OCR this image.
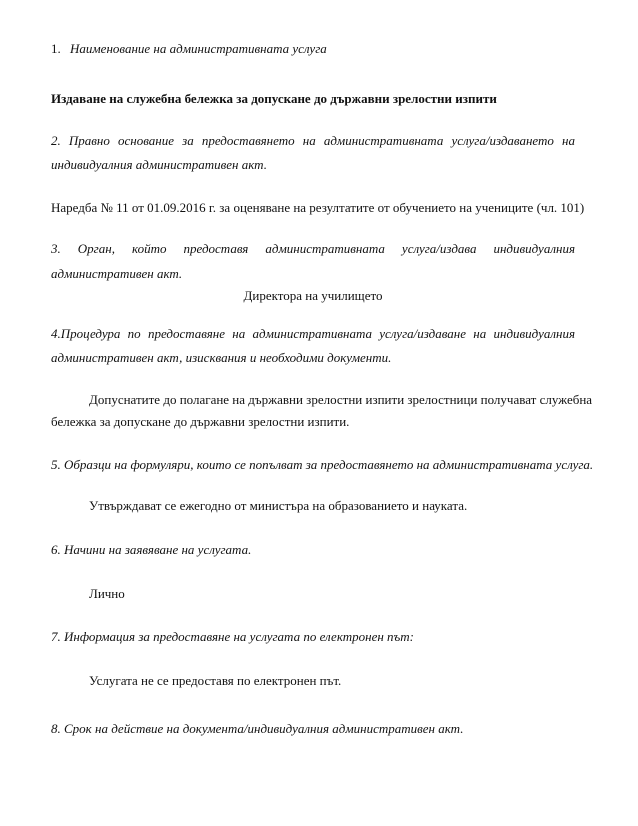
1. Наименование на административната услуга
Издаване на служебна бележка за допускане до държавни зрелостни изпити
2. Правно основание за предоставянето на административната услуга/издаването на
индивидуалния административен акт.
Наредба № 11 от 01.09.2016 г. за оценяване на резултатите от обучението на учениците (чл. 101)
3. Орган, който предоставя административната услуга/издава индивидуалния
административен акт.
Директора на училището
4.Процедура по предоставяне на административната услуга/издаване на индивидуалния
административен акт, изисквания и необходими документи.
Допуснатите до полагане на държавни зрелостни изпити зрелостници получават служебна
бележка за допускане до държавни зрелостни изпити.
5. Образци на формуляри, които се попълват за предоставянето на административната услуга.
Утвърждават се ежегодно от министъра на образованието и науката.
6. Начини на заявяване на услугата.
Лично
7. Информация за предоставяне на услугата по електронен път:
Услугата не се предоставя по електронен път.
8. Срок на действие на документа/индивидуалния административен акт.
